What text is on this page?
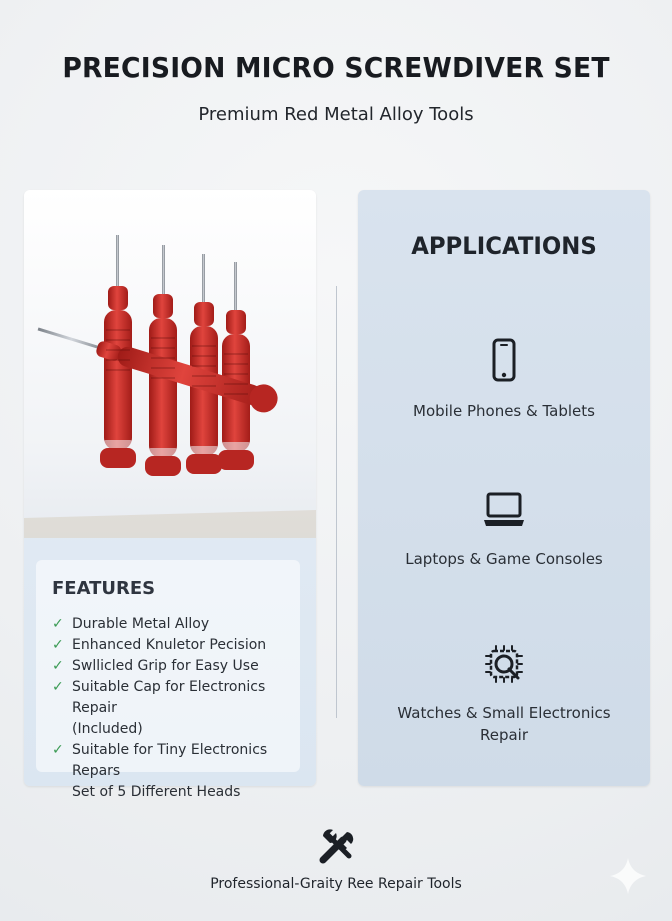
PRECISION MICRO SCREWDIVER SET
Premium Red Metal Alloy Tools
FEATURES
✓ Durable Metal Alloy
✓ Enhanced Knuletor Pecision
✓ Swllicled Grip for Easy Use
✓ Suitable Cap for Electronics Repair
(Included)
✓ Suitable for Tiny Electronics Repars
Set of 5 Different Heads
APPLICATIONS
Mobile Phones & Tablets
Laptops & Game Consoles
Watches & Small Electronics
Repair
Professional-Graity Ree Repair Tools
